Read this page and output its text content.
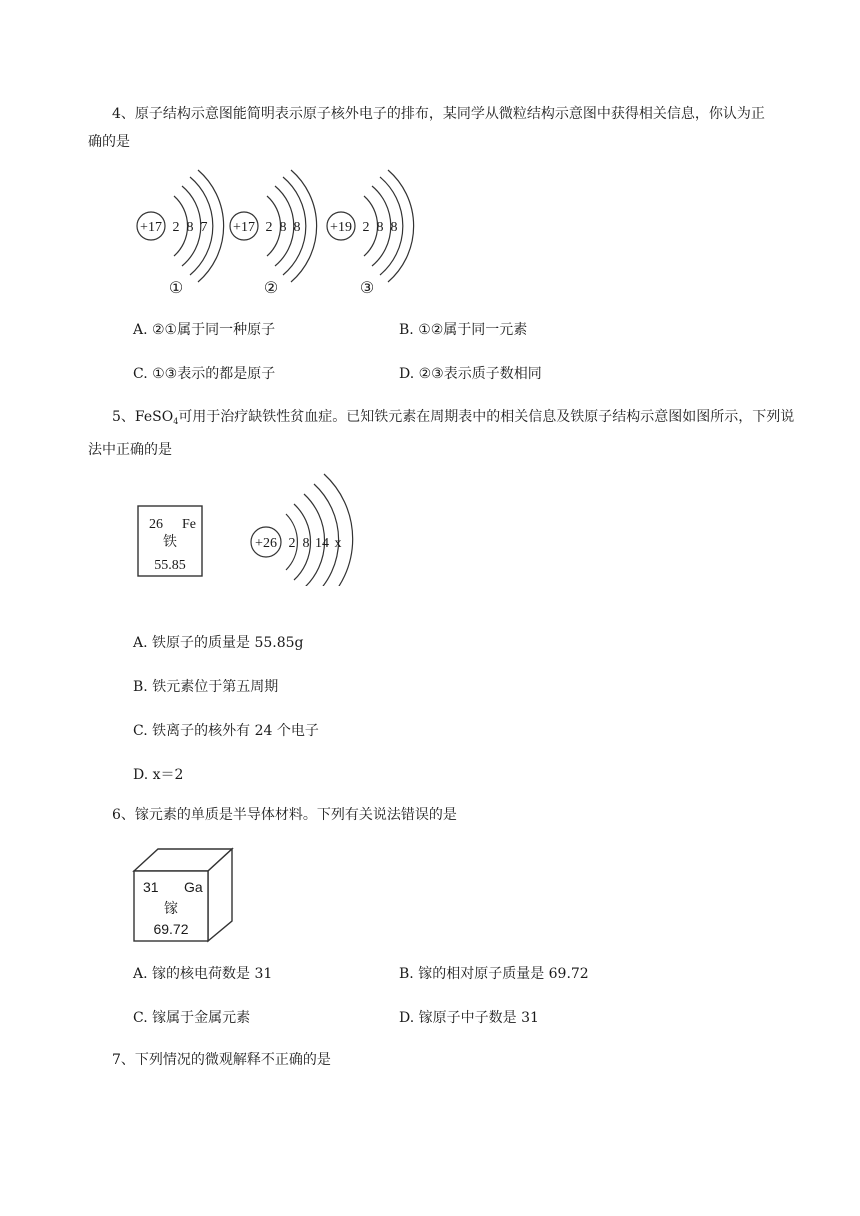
4、原子结构示意图能简明表示原子核外电子的排布，某同学从微粒结构示意图中获得相关信息，你认为正确的是
+17 2 8 7
①
+17 2 8 8
②
+19 2 8 8
③
A. ②①属于同一种原子	B. ①②属于同一元素
C. ①③表示的都是原子	D. ②③表示质子数相同
5、FeSO$_4$可用于治疗缺铁性贫血症。已知铁元素在周期表中的相关信息及铁原子结构示意图如图所示，下列说法中正确的是
26 Fe
铁
55.85
+26 2 8 14 x
A. 铁原子的质量是 55.85g
B. 铁元素位于第五周期
C. 铁离子的核外有 24 个电子
D. x＝2
6、镓元素的单质是半导体材料。下列有关说法错误的是
31 Ga
镓
69.72
A. 镓的核电荷数是 31	B. 镓的相对原子质量是 69.72
C. 镓属于金属元素	D. 镓原子中子数是 31
7、下列情况的微观解释不正确的是
